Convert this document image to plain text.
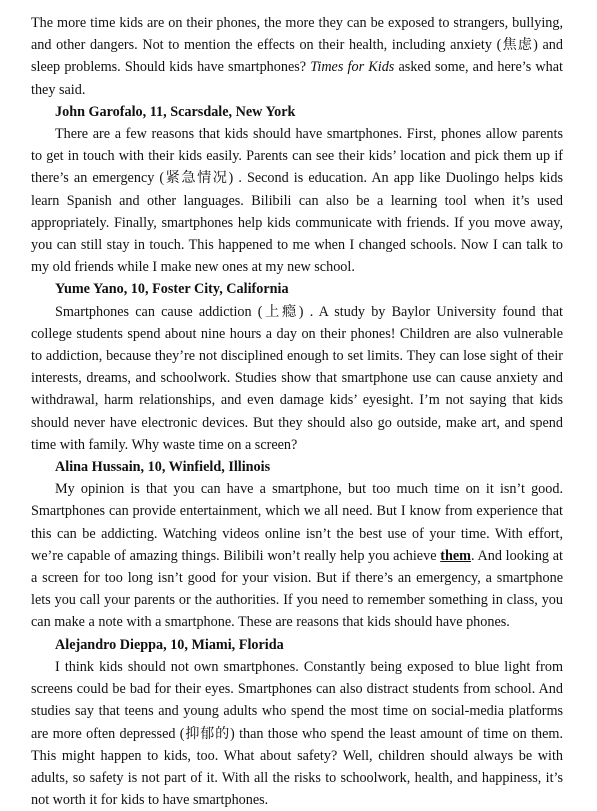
The more time kids are on their phones, the more they can be exposed to strangers, bullying, and other dangers. Not to mention the effects on their health, including anxiety (焦虑) and sleep problems. Should kids have smartphones? Times for Kids asked some, and here’s what they said.

John Garofalo, 11, Scarsdale, New York

There are a few reasons that kids should have smartphones. First, phones allow parents to get in touch with their kids easily. Parents can see their kids’ location and pick them up if there’s an emergency (紧急情况) . Second is education. An app like Duolingo helps kids learn Spanish and other languages. Bilibili can also be a learning tool when it’s used appropriately. Finally, smartphones help kids communicate with friends. If you move away, you can still stay in touch. This happened to me when I changed schools. Now I can talk to my old friends while I make new ones at my new school.

Yume Yano, 10, Foster City, California

Smartphones can cause addiction (上瘾) . A study by Baylor University found that college students spend about nine hours a day on their phones! Children are also vulnerable to addiction, because they’re not disciplined enough to set limits. They can lose sight of their interests, dreams, and schoolwork. Studies show that smartphone use can cause anxiety and withdrawal, harm relationships, and even damage kids’ eyesight. I’m not saying that kids should never have electronic devices. But they should also go outside, make art, and spend time with family. Why waste time on a screen?

Alina Hussain, 10, Winfield, Illinois

My opinion is that you can have a smartphone, but too much time on it isn’t good. Smartphones can provide entertainment, which we all need. But I know from experience that this can be addicting. Watching videos online isn’t the best use of your time. With effort, we’re capable of amazing things. Bilibili won’t really help you achieve them. And looking at a screen for too long isn’t good for your vision. But if there’s an emergency, a smartphone lets you call your parents or the authorities. If you need to remember something in class, you can make a note with a smartphone. These are reasons that kids should have phones.

Alejandro Dieppa, 10, Miami, Florida

I think kids should not own smartphones. Constantly being exposed to blue light from screens could be bad for their eyes. Smartphones can also distract students from school. And studies say that teens and young adults who spend the most time on social-media platforms are more often depressed (抑郁的) than those who spend the least amount of time on them. This might happen to kids, too. What about safety? Well, children should always be with adults, so safety is not part of it. With all the risks to schoolwork, health, and happiness, it’s not worth it for kids to have smartphones.
